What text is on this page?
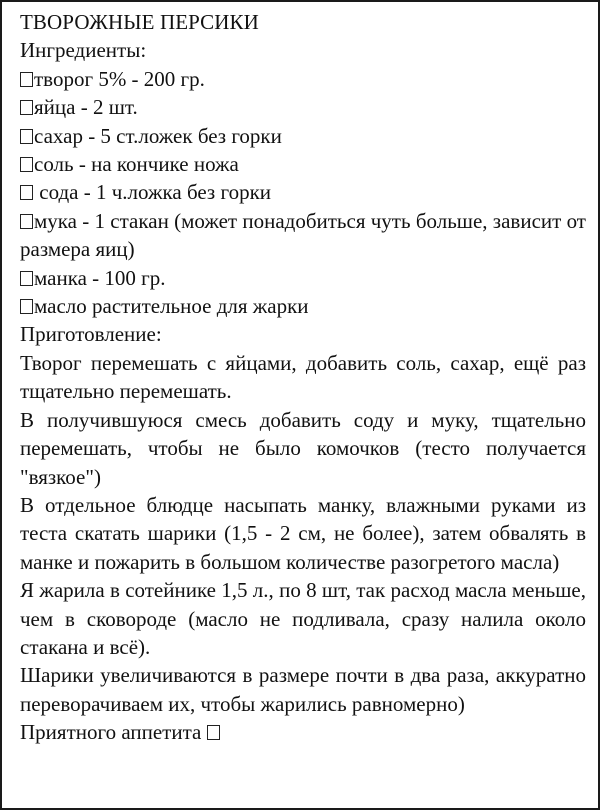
ТВОРОЖНЫЕ ПЕРСИКИ
Ингредиенты:
творог 5% - 200 гр.
яйца - 2 шт.
сахар - 5 ст.ложек без горки
соль - на кончике ножа
сода - 1 ч.ложка без горки
мука - 1 стакан (может понадобиться чуть больше, зависит от размера яиц)
манка - 100 гр.
масло растительное для жарки
Приготовление:
Творог перемешать с яйцами, добавить соль, сахар, ещё раз тщательно перемешать.
В получившуюся смесь добавить соду и муку, тщательно перемешать, чтобы не было комочков (тесто получается "вязкое")
В отдельное блюдце насыпать манку, влажными руками из теста скатать шарики (1,5 - 2 см, не более), затем обвалять в манке и пожарить в большом количестве разогретого масла)
Я жарила в сотейнике 1,5 л., по 8 шт, так расход масла меньше, чем в сковороде (масло не подливала, сразу налила около стакана и всё).
Шарики увеличиваются в размере почти в два раза, аккуратно переворачиваем их, чтобы жарились равномерно)
Приятного аппетита
